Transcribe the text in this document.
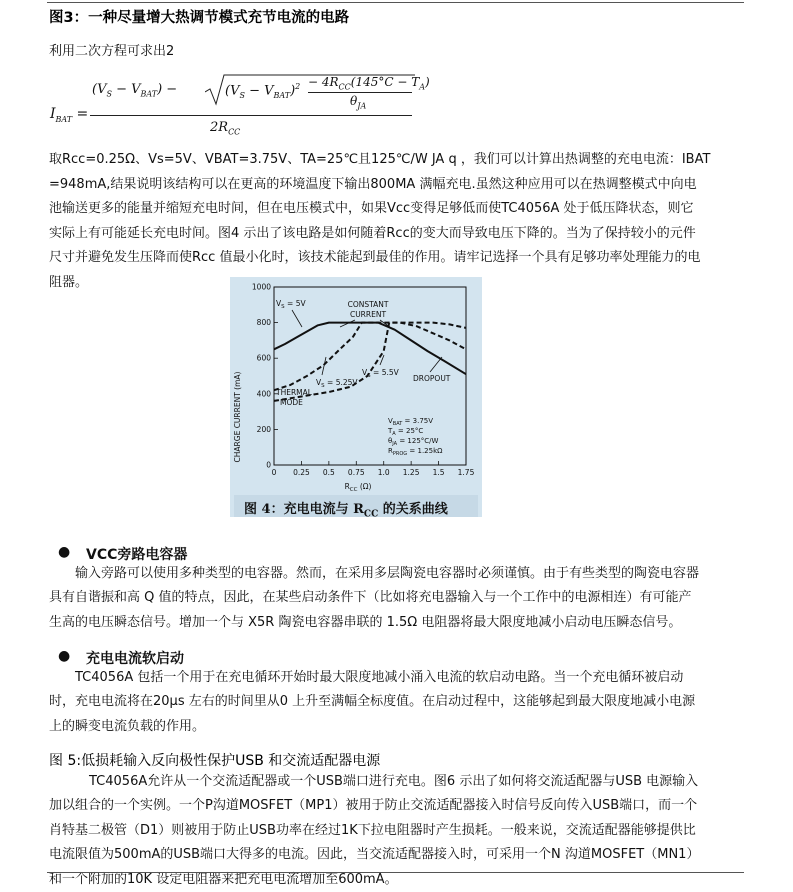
图3：一种尽量增大热调节模式充节电流的电路
利用二次方程可求出2
$I_{BAT}$ =
$(V_S - V_{BAT})$ −	$(V_S - V_{BAT})^2 - 4R_{CC}(145^\circ C - T_A)$
$\theta_{JA}$
$2R_{CC}$
取Rcc=0.25Ω、Vs=5V、VBAT=3.75V、TA=25℃且125℃/W JA q ，我们可以计算出热调整的充电电流：IBAT
=948mA,结果说明该结构可以在更高的环境温度下输出800MA 满幅充电.虽然这种应用可以在热调整模式中向电
池输送更多的能量并缩短充电时间，但在电压模式中，如果Vcc变得足够低而使TC4056A 处于低压降状态，则它
实际上有可能延长充电时间。图4 示出了该电路是如何随着Rcc的变大而导致电压下降的。当为了保持较小的元件
尺寸并避免发生压降而使Rcc 值最小化时，该技术能起到最佳的作用。请牢记选择一个具有足够功率处理能力的电
阻器。
0
200
400
600
800
1000
0 0.25 0.5 0.75 1.0 1.25 1.5 1.75
CHARGE CURRENT (mA)
$R_{CC}$ (Ω)
$V_S = 5V$	CONSTANT
CURRENT
$V_S = 5.5V$
$V_S = 5.25V$
THERMAL
MODE
DROPOUT
$V_{BAT} = 3.75V$
$T_A = 25^\circ C$
$\theta_{JA} = 125^\circ C/W$
$R_{PROG} = 1.25k\Omega$
图 4：充电电流与 $R_{CC}$ 的关系曲线
● VCC旁路电容器
输入旁路可以使用多种类型的电容器。然而，在采用多层陶瓷电容器时必须谨慎。由于有些类型的陶瓷电容器
具有自谐振和高 Q 值的特点，因此，在某些启动条件下（比如将充电器输入与一个工作中的电源相连）有可能产
生高的电压瞬态信号。增加一个与 X5R 陶瓷电容器串联的 1.5Ω 电阻器将最大限度地减小启动电压瞬态信号。
● 充电电流软启动
TC4056A 包括一个用于在充电循环开始时最大限度地减小涌入电流的软启动电路。当一个充电循环被启动
时，充电电流将在20μs 左右的时间里从0 上升至满幅全标度值。在启动过程中，这能够起到最大限度地减小电源
上的瞬变电流负载的作用。
图 5:低损耗输入反向极性保护USB 和交流适配器电源
TC4056A允许从一个交流适配器或一个USB端口进行充电。图6 示出了如何将交流适配器与USB 电源输入
加以组合的一个实例。一个P沟道MOSFET（MP1）被用于防止交流适配器接入时信号反向传入USB端口，而一个
肖特基二极管（D1）则被用于防止USB功率在经过1K下拉电阻器时产生损耗。一般来说，交流适配器能够提供比
电流限值为500mA的USB端口大得多的电流。因此，当交流适配器接入时，可采用一个N 沟道MOSFET（MN1）
和一个附加的10K 设定电阻器来把充电电流增加至600mA。
